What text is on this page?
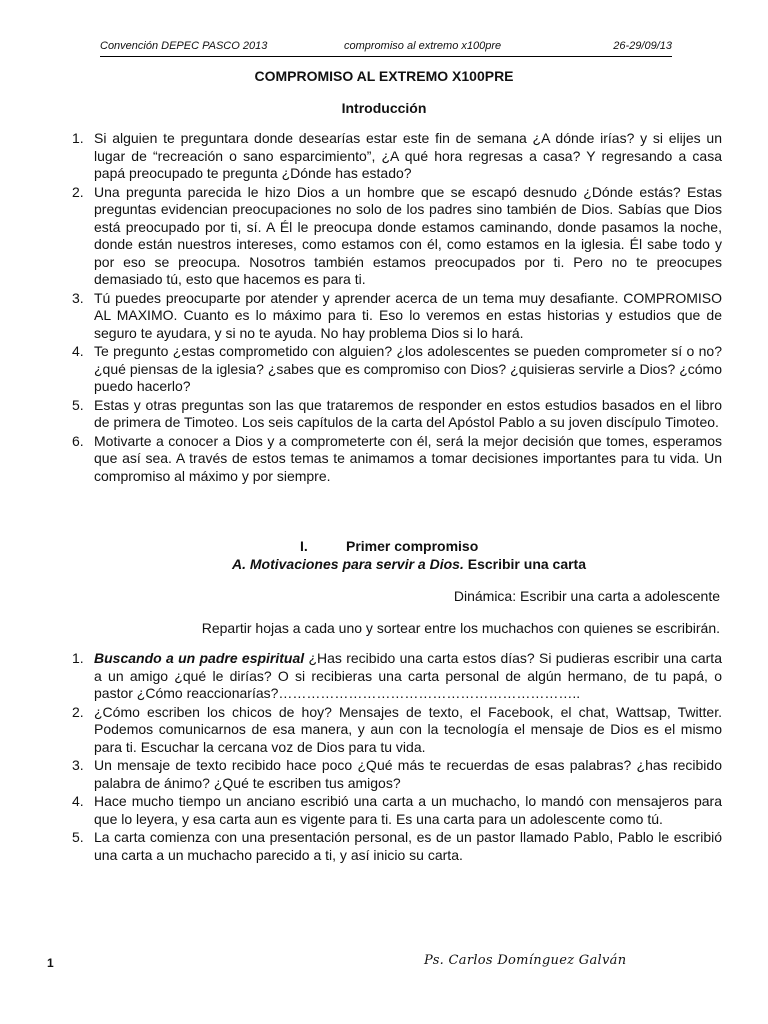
Convención DEPEC PASCO 2013	compromiso al extremo x100pre	26-29/09/13
COMPROMISO AL EXTREMO X100PRE
Introducción
1. Si alguien te preguntara donde desearías estar este fin de semana ¿A dónde irías? y si elijes un lugar de “recreación o sano esparcimiento”, ¿A qué hora regresas a casa? Y regresando a casa papá preocupado te pregunta ¿Dónde has estado?
2. Una pregunta parecida le hizo Dios a un hombre que se escapó desnudo ¿Dónde estás? Estas preguntas evidencian preocupaciones no solo de los padres sino también de Dios. Sabías que Dios está preocupado por ti, sí. A Él le preocupa donde estamos caminando, donde pasamos la noche, donde están nuestros intereses, como estamos con él, como estamos en la iglesia. Él sabe todo y por eso se preocupa. Nosotros también estamos preocupados por ti. Pero no te preocupes demasiado tú, esto que hacemos es para ti.
3. Tú puedes preocuparte por atender y aprender acerca de un tema muy desafiante. COMPROMISO AL MAXIMO. Cuanto es lo máximo para ti. Eso lo veremos en estas historias y estudios que de seguro te ayudara, y si no te ayuda. No hay problema Dios si lo hará.
4. Te pregunto ¿estas comprometido con alguien? ¿los adolescentes se pueden comprometer sí o no? ¿qué piensas de la iglesia? ¿sabes que es compromiso con Dios? ¿quisieras servirle a Dios? ¿cómo puedo hacerlo?
5. Estas y otras preguntas son las que trataremos de responder en estos estudios basados en el libro de primera de Timoteo. Los seis capítulos de la carta del Apóstol Pablo a su joven discípulo Timoteo.
6. Motivarte a conocer a Dios y a comprometerte con él, será la mejor decisión que tomes, esperamos que así sea. A través de estos temas te animamos a tomar decisiones importantes para tu vida. Un compromiso al máximo y por siempre.
I.	Primer compromiso
A. Motivaciones para servir a Dios. Escribir una carta
Dinámica: Escribir una carta a adolescente
Repartir hojas a cada uno y sortear entre los muchachos con quienes se escribirán.
1. Buscando a un padre espiritual ¿Has recibido una carta estos días? Si pudieras escribir una carta a un amigo ¿qué le dirías? O si recibieras una carta personal de algún hermano, de tu papá, o pastor ¿Cómo reaccionarías?………………………………………………………..
2. ¿Cómo escriben los chicos de hoy? Mensajes de texto, el Facebook, el chat, Wattsap, Twitter. Podemos comunicarnos de esa manera, y aun con la tecnología el mensaje de Dios es el mismo para ti. Escuchar la cercana voz de Dios para tu vida.
3. Un mensaje de texto recibido hace poco ¿Qué más te recuerdas de esas palabras? ¿has recibido palabra de ánimo? ¿Qué te escriben tus amigos?
4. Hace mucho tiempo un anciano escribió una carta a un muchacho, lo mandó con mensajeros para que lo leyera, y esa carta aun es vigente para ti. Es una carta para un adolescente como tú.
5. La carta comienza con una presentación personal, es de un pastor llamado Pablo, Pablo le escribió una carta a un muchacho parecido a ti, y así inicio su carta.
1	Ps. Carlos Domínguez Galván
